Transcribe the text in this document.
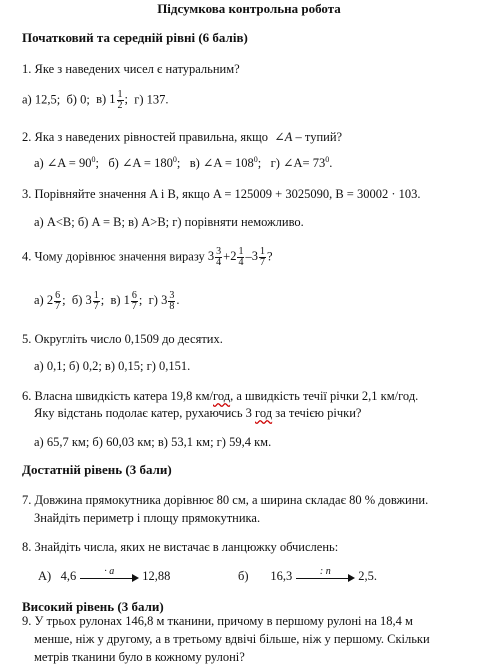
Підсумкова контрольна робота
Початковий та середній рівні (6 балів)
1. Яке з наведених чисел є натуральним?
а) 12,5; б) 0; в) $1 \frac{1}{2}$ ; г) 137.
2. Яка з наведених рівностей правильна, якщо ∠A – тупий?
а) ∠A = $90^0$; б) ∠A = $180^0$; в) ∠A = $108^0$; г) ∠A= $73^0$.
3. Порівняйте значення A і B, якщо A = 125009 + 3025090, B = 30002 · 103.
а) A<B; б) A = B; в) A>B; г) порівняти неможливо.
4. Чому дорівнює значення виразу $3 \frac{3}{4} +2 \frac{1}{4} -3 \frac{1}{7}$ ?
а) $2 \frac{6}{7}$ ; б) $3 \frac{1}{7}$ ; в) $1 \frac{6}{7}$ ; г) $3 \frac{3}{8}$ .
5. Округліть число 0,1509 до десятих.
а) 0,1; б) 0,2; в) 0,15; г) 0,151.
6. Власна швидкість катера 19,8 км/год, а швидкість течії річки 2,1 км/год.
Яку відстань подолає катер, рухаючись 3 год за течією річки?
а) 65,7 км; б) 60,03 км; в) 53,1 км; г) 59,4 км.
Достатній рівень (3 бали)
7. Довжина прямокутника дорівнює 80 см, а ширина складає 80 % довжини.
Знайдіть периметр і площу прямокутника.
8. Знайдіть числа, яких не вистачає в ланцюжку обчислень:
А) 4,6	· a	12,88	б) 16,3	: n	2,5.
Високий рівень (3 бали)
9. У трьох рулонах 146,8 м тканини, причому в першому рулоні на 18,4 м
менше, ніж у другому, а в третьому вдвічі більше, ніж у першому. Скільки
метрів тканини було в кожному рулоні?
